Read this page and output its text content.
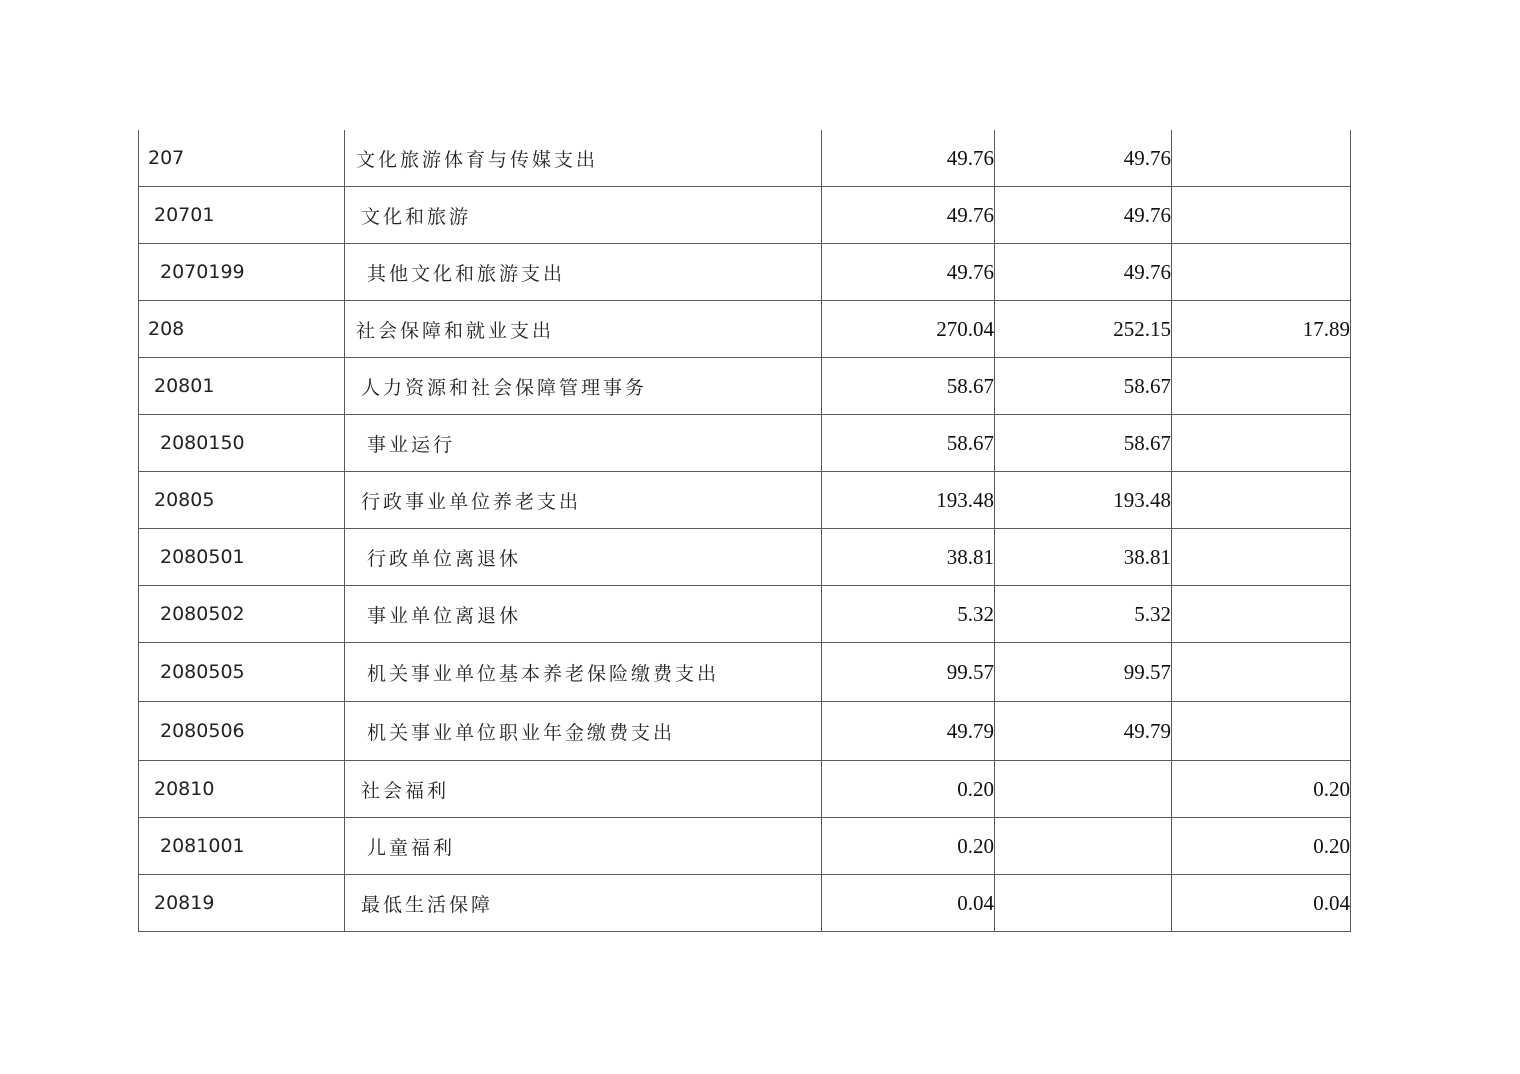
207	文化旅游体育与传媒支出	49.76	49.76	
20701	文化和旅游	49.76	49.76	
2070199	其他文化和旅游支出	49.76	49.76	
208	社会保障和就业支出	270.04	252.15	17.89
20801	人力资源和社会保障管理事务	58.67	58.67	
2080150	事业运行	58.67	58.67	
20805	行政事业单位养老支出	193.48	193.48	
2080501	行政单位离退休	38.81	38.81	
2080502	事业单位离退休	5.32	5.32	
2080505	机关事业单位基本养老保险缴费支出	99.57	99.57	
2080506	机关事业单位职业年金缴费支出	49.79	49.79	
20810	社会福利	0.20		0.20
2081001	儿童福利	0.20		0.20
20819	最低生活保障	0.04		0.04
